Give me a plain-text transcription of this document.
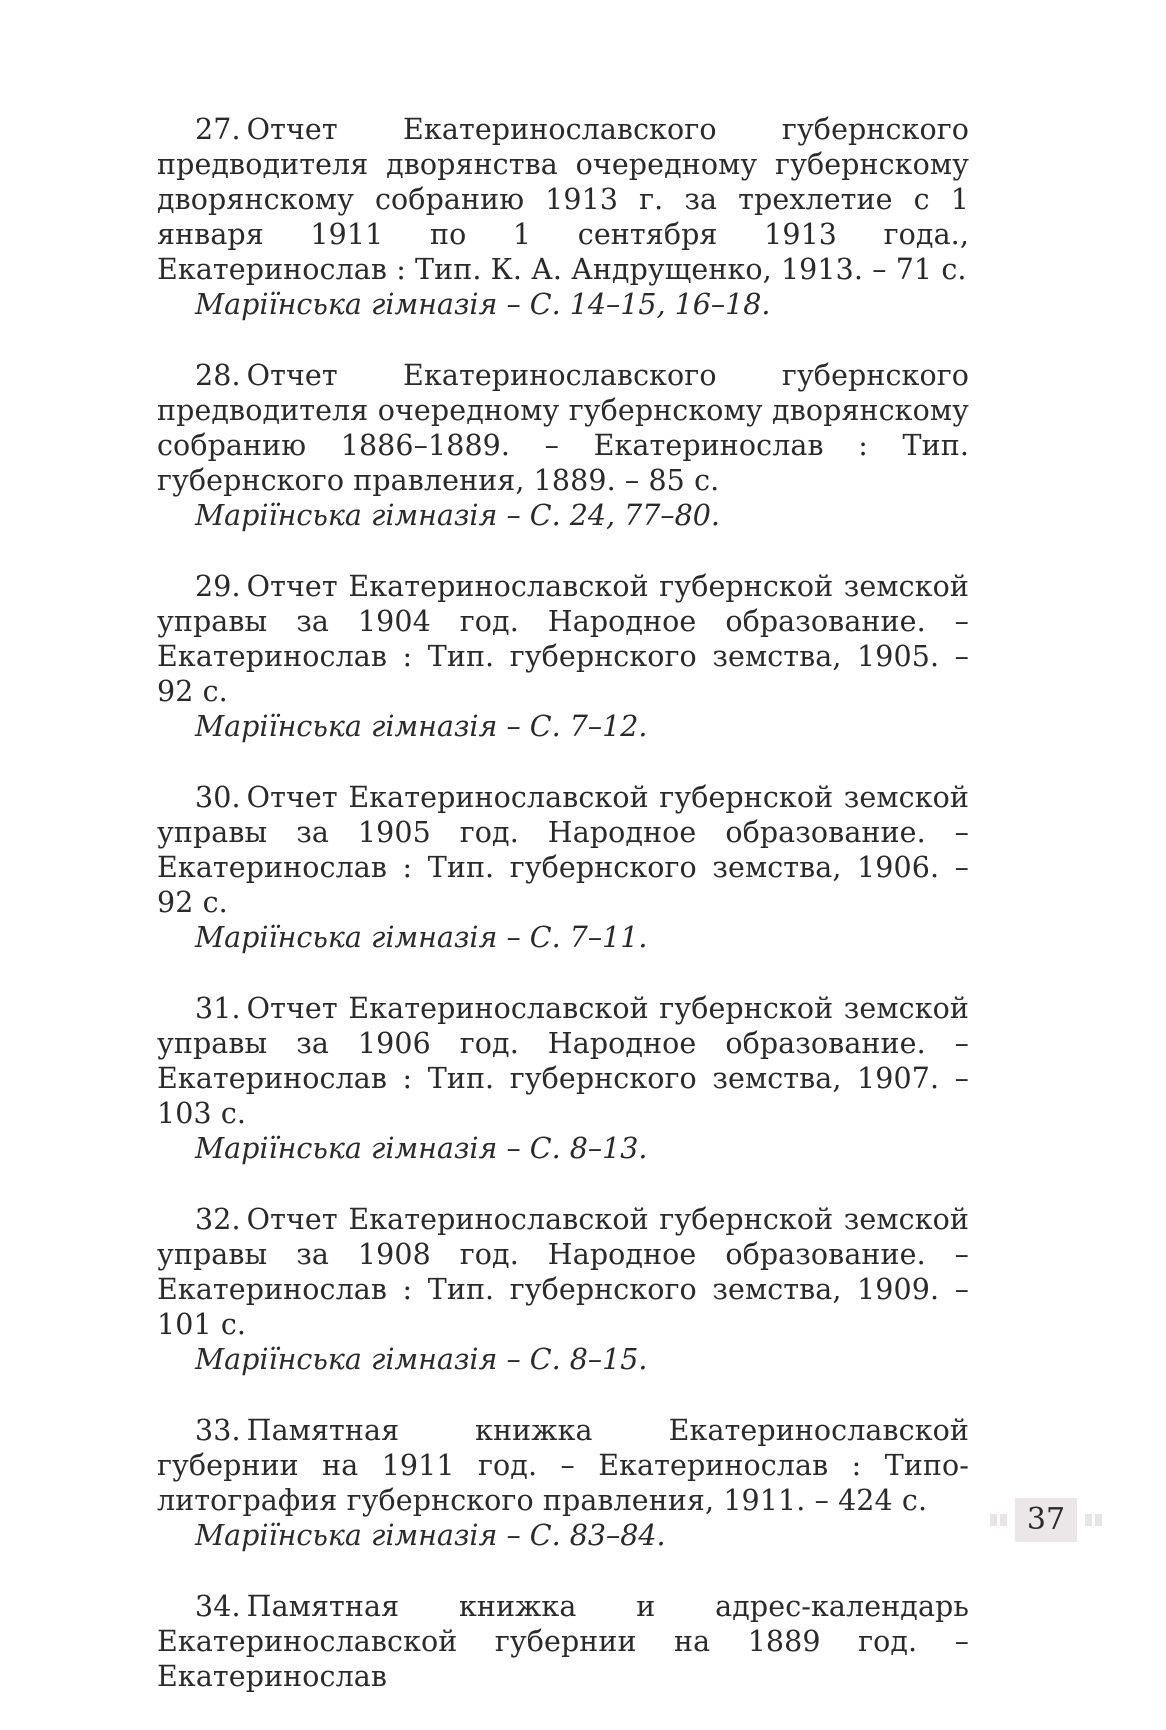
27. Отчет Екатеринославского губернского предводителя дворянства очередному губернскому дворянскому собранию 1913 г. за трехлетие с 1 января 1911 по 1 сентября 1913 года., Екатеринослав : Тип. К. А. Андрущенко, 1913. – 71 с.

Маріїнська гімназія – С. 14–15, 16–18.

28. Отчет Екатеринославского губернского предводителя очередному губернскому дворянскому собранию 1886–1889. – Екатеринослав : Тип. губернского правления, 1889. – 85 с.

Маріїнська гімназія – С. 24, 77–80.

29. Отчет Екатеринославской губернской земской управы за 1904 год. Народное образование. – Екатеринослав : Тип. губернского земства, 1905. – 92 с.

Маріїнська гімназія – С. 7–12.

30. Отчет Екатеринославской губернской земской управы за 1905 год. Народное образование. – Екатеринослав : Тип. губернского земства, 1906. – 92 с.

Маріїнська гімназія – С. 7–11.

31. Отчет Екатеринославской губернской земской управы за 1906 год. Народное образование. – Екатеринослав : Тип. губернского земства, 1907. – 103 с.

Маріїнська гімназія – С. 8–13.

32. Отчет Екатеринославской губернской земской управы за 1908 год. Народное образование. – Екатеринослав : Тип. губернского земства, 1909. – 101 с.

Маріїнська гімназія – С. 8–15.

33. Памятная книжка Екатеринославской губернии на 1911 год. – Екатеринослав : Типо-литография губернского правления, 1911. – 424 с.

Маріїнська гімназія – С. 83–84.

34. Памятная книжка и адрес-календарь Екатеринославской губернии на 1889 год. – Екатеринослав

37
